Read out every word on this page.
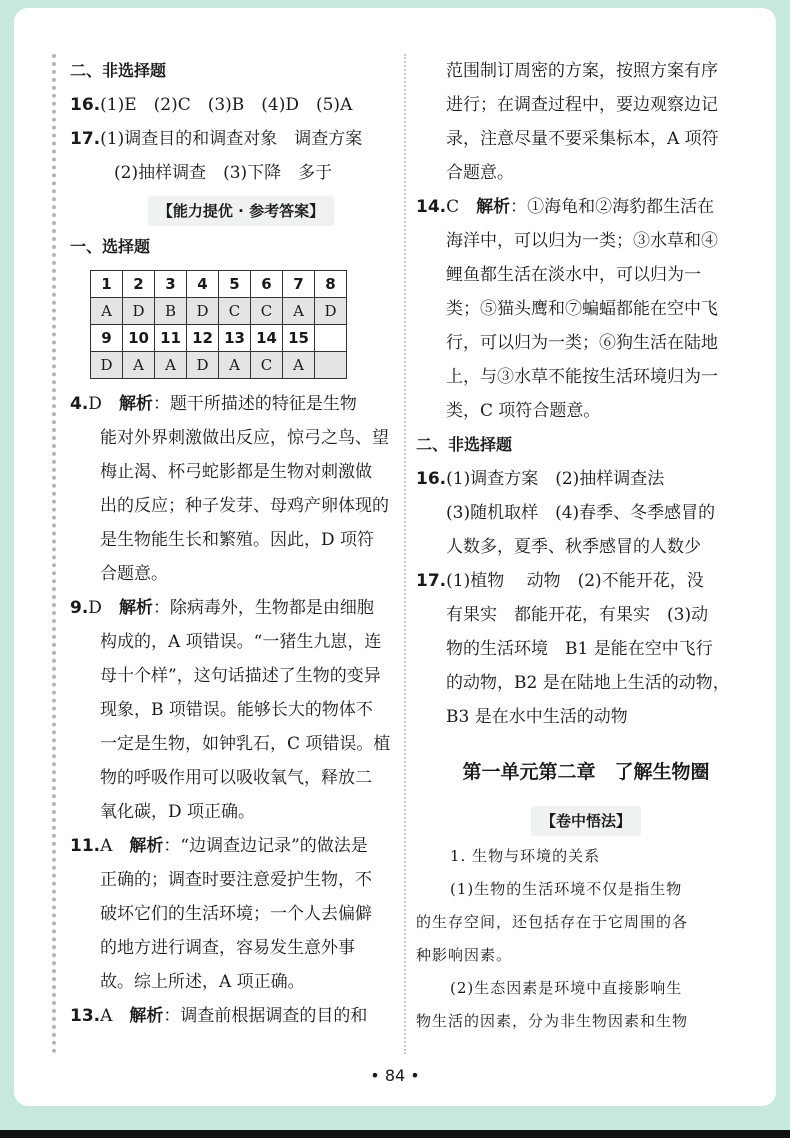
二、非选择题
16.(1)E　(2)C　(3)B　(4)D　(5)A
17.(1)调查目的和调查对象　调查方案
(2)抽样调查　(3)下降　多于
【能力提优 · 参考答案】
一、选择题
1	2	3	4	5	6	7	8
A	D	B	D	C	C	A	D
9	10	11	12	13	14	15	
D	A	A	D	A	C	A	
4.D　 解析：题干所描述的特征是生物
能对外界刺激做出反应，惊弓之鸟、望
梅止渴、杯弓蛇影都是生物对刺激做
出的反应；种子发芽、母鸡产卵体现的
是生物能生长和繁殖。因此，D 项符
合题意。
9.D　 解析：除病毒外，生物都是由细胞
构成的，A 项错误。“一猪生九崽，连
母十个样”，这句话描述了生物的变异
现象，B 项错误。能够长大的物体不
一定是生物，如钟乳石，C 项错误。植
物的呼吸作用可以吸收氧气，释放二
氧化碳，D 项正确。
11.A　 解析：“边调查边记录”的做法是
正确的；调查时要注意爱护生物，不
破坏它们的生活环境；一个人去偏僻
的地方进行调查，容易发生意外事
故。综上所述，A 项正确。
13.A　 解析：调查前根据调查的目的和
范围制订周密的方案，按照方案有序
进行；在调查过程中，要边观察边记
录，注意尽量不要采集标本，A 项符
合题意。
14.C　 解析：①海龟和②海豹都生活在
海洋中，可以归为一类；③水草和④
鲤鱼都生活在淡水中，可以归为一
类；⑤猫头鹰和⑦蝙蝠都能在空中飞
行，可以归为一类；⑥狗生活在陆地
上，与③水草不能按生活环境归为一
类，C 项符合题意。
二、非选择题
16.(1)调查方案　(2)抽样调查法
(3)随机取样　(4)春季、冬季感冒的
人数多，夏季、秋季感冒的人数少
17.(1)植物　 动物　(2)不能开花，没
有果实　都能开花，有果实　(3)动
物的生活环境　B1 是能在空中飞行
的动物，B2 是在陆地上生活的动物，
B3 是在水中生活的动物
第一单元第二章　了解生物圈
【卷中悟法】
1. 生物与环境的关系
(1)生物的生活环境不仅是指生物
的生存空间，还包括存在于它周围的各
种影响因素。
(2)生态因素是环境中直接影响生
物生活的因素，分为非生物因素和生物
• 84 •
